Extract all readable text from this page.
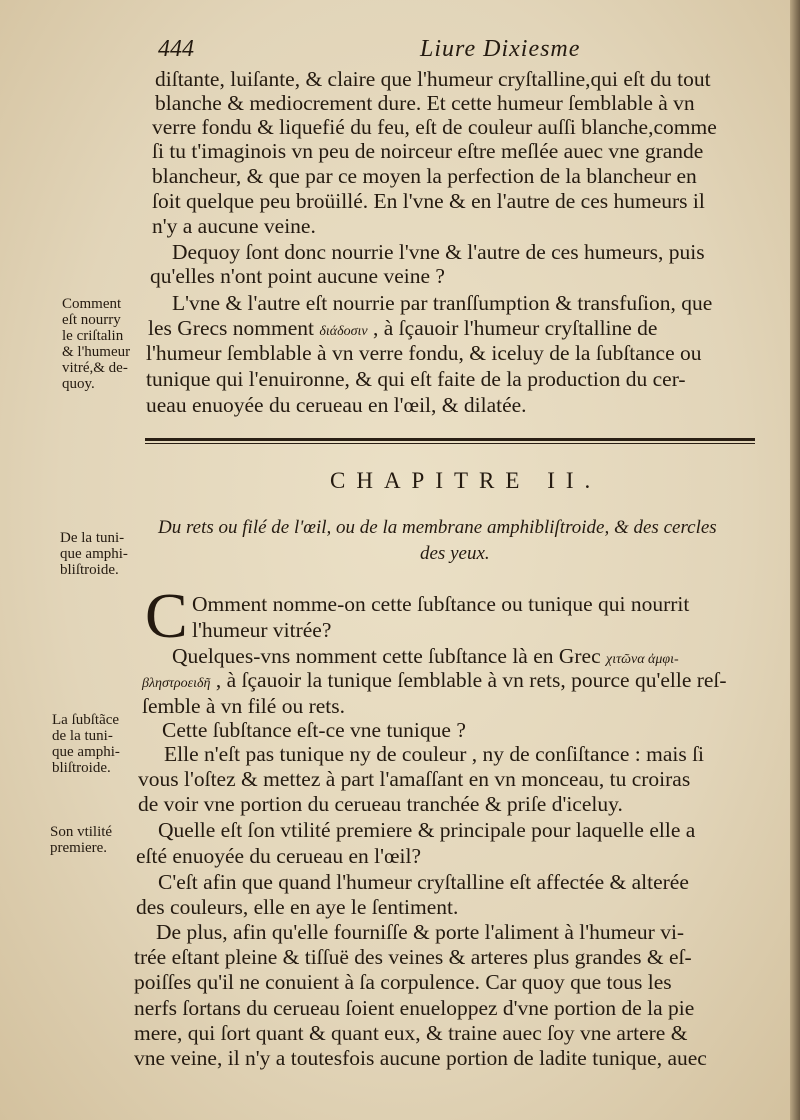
444	Liure Dixiesme
diſtante, luiſante, & claire que l'humeur cryſtalline,qui eſt du tout
blanche & mediocrement dure. Et cette humeur ſemblable à vn
verre fondu & liquefié du feu, eſt de couleur auſſi blanche,comme
ſi tu t'imaginois vn peu de noirceur eſtre meſlée auec vne grande
blancheur, & que par ce moyen la perfection de la blancheur en
ſoit quelque peu broüillé. En l'vne & en l'autre de ces humeurs il
n'y a aucune veine.
Dequoy ſont donc nourrie l'vne & l'autre de ces humeurs, puis
qu'elles n'ont point aucune veine ?
L'vne & l'autre eſt nourrie par tranſſumption & transfuſion, que
les Grecs nomment διάδοσιν , à ſçauoir l'humeur cryſtalline de
l'humeur ſemblable à vn verre fondu, & iceluy de la ſubſtance ou
tunique qui l'enuironne, & qui eſt faite de la production du cer-
ueau enuoyée du cerueau en l'œil, & dilatée.
Comment
eſt nourry
le criſtalin
& l'humeur
vitré,& de-
quoy.
CHAPITRE II.
Du rets ou filé de l'œil, ou de la membrane amphibliſtroide, & des cercles
des yeux.
De la tuni-
que amphi-
bliſtroide.
C Omment nomme-on cette ſubſtance ou tunique qui nourrit
l'humeur vitrée?
Quelques-vns nomment cette ſubſtance là en Grec χιτῶνα ἀμφι-
βληστροειδῆ , à ſçauoir la tunique ſemblable à vn rets, pource qu'elle reſ-
ſemble à vn filé ou rets.
Cette ſubſtance eſt-ce vne tunique ?
Elle n'eſt pas tunique ny de couleur , ny de conſiſtance : mais ſi
vous l'oſtez & mettez à part l'amaſſant en vn monceau, tu croiras
de voir vne portion du cerueau tranchée & priſe d'iceluy.
Quelle eſt ſon vtilité premiere & principale pour laquelle elle a
eſté enuoyée du cerueau en l'œil?
C'eſt afin que quand l'humeur cryſtalline eſt affectée & alterée
des couleurs, elle en aye le ſentiment.
De plus, afin qu'elle fourniſſe & porte l'aliment à l'humeur vi-
trée eſtant pleine & tiſſuë des veines & arteres plus grandes & eſ-
poiſſes qu'il ne conuient à ſa corpulence. Car quoy que tous les
nerfs ſortans du cerueau ſoient enueloppez d'vne portion de la pie
mere, qui ſort quant & quant eux, & traine auec ſoy vne artere &
vne veine, il n'y a toutesfois aucune portion de ladite tunique, auec
La ſubſtãce
de la tuni-
que amphi-
bliſtroide.
Son vtilité
premiere.
